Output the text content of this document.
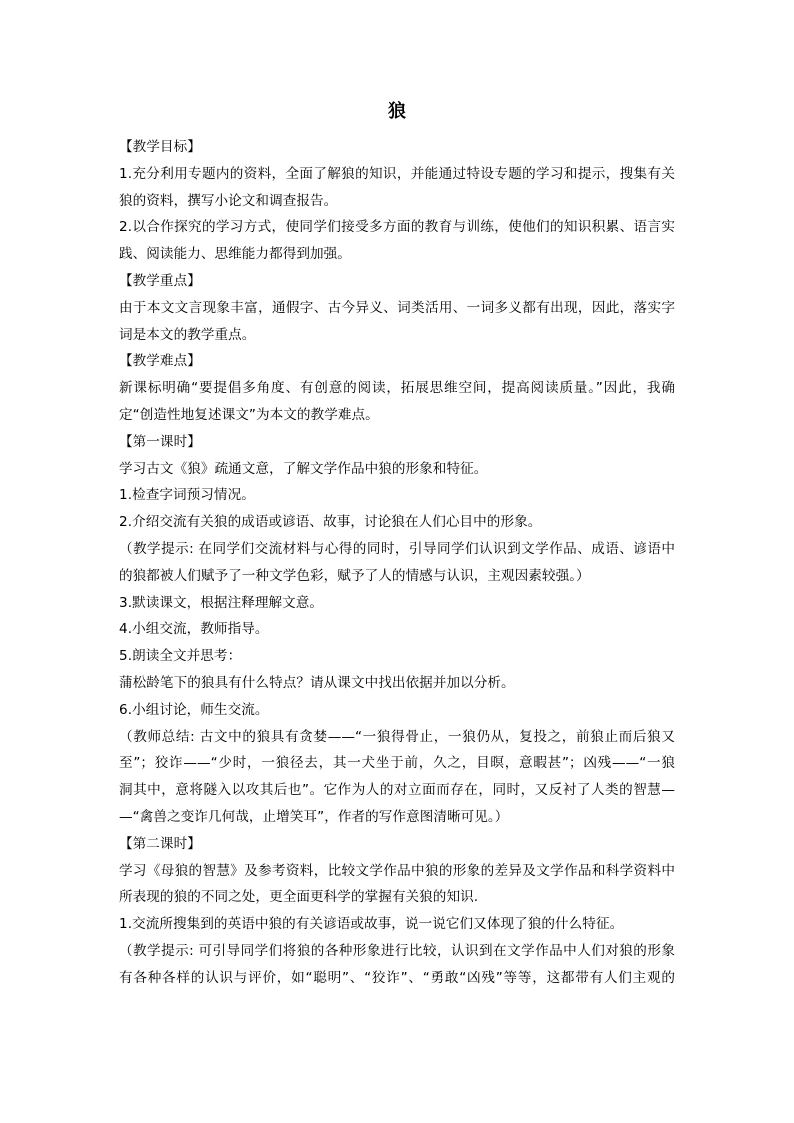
狼
【教学目标】
1.充分利用专题内的资料，全面了解狼的知识，并能通过特设专题的学习和提示，搜集有关
狼的资料，撰写小论文和调查报告。
2.以合作探究的学习方式，使同学们接受多方面的教育与训练，使他们的知识积累、语言实
践、阅读能力、思维能力都得到加强。
【教学重点】
由于本文文言现象丰富，通假字、古今异义、词类活用、一词多义都有出现，因此，落实字
词是本文的教学重点。
【教学难点】
新课标明确“要提倡多角度、有创意的阅读，拓展思维空间，提高阅读质量。”因此，我确
定“创造性地复述课文”为本文的教学难点。
【第一课时】
学习古文《狼》疏通文意，了解文学作品中狼的形象和特征。
1.检查字词预习情况。
2.介绍交流有关狼的成语或谚语、故事，讨论狼在人们心目中的形象。
（教学提示: 在同学们交流材料与心得的同时，引导同学们认识到文学作品、成语、谚语中
的狼都被人们赋予了一种文学色彩，赋予了人的情感与认识，主观因素较强。）
3.默读课文，根据注释理解文意。
4.小组交流，教师指导。
5.朗读全文并思考：
蒲松龄笔下的狼具有什么特点？请从课文中找出依据并加以分析。
6.小组讨论，师生交流。
（教师总结: 古文中的狼具有贪婪——“一狼得骨止，一狼仍从，复投之，前狼止而后狼又
至”；狡诈——“少时，一狼径去，其一犬坐于前，久之，目暝，意暇甚”；凶残——“一狼
洞其中，意将隧入以攻其后也”。它作为人的对立面而存在，同时，又反衬了人类的智慧—
—“禽兽之变诈几何哉，止增笑耳”，作者的写作意图清晰可见。）
【第二课时】
学习《母狼的智慧》及参考资料，比较文学作品中狼的形象的差异及文学作品和科学资料中
所表现的狼的不同之处，更全面更科学的掌握有关狼的知识.
1.交流所搜集到的英语中狼的有关谚语或故事，说一说它们又体现了狼的什么特征。
（教学提示: 可引导同学们将狼的各种形象进行比较，认识到在文学作品中人们对狼的形象
有各种各样的认识与评价，如“聪明”、“狡诈”、“勇敢“凶残”等等，这都带有人们主观的
